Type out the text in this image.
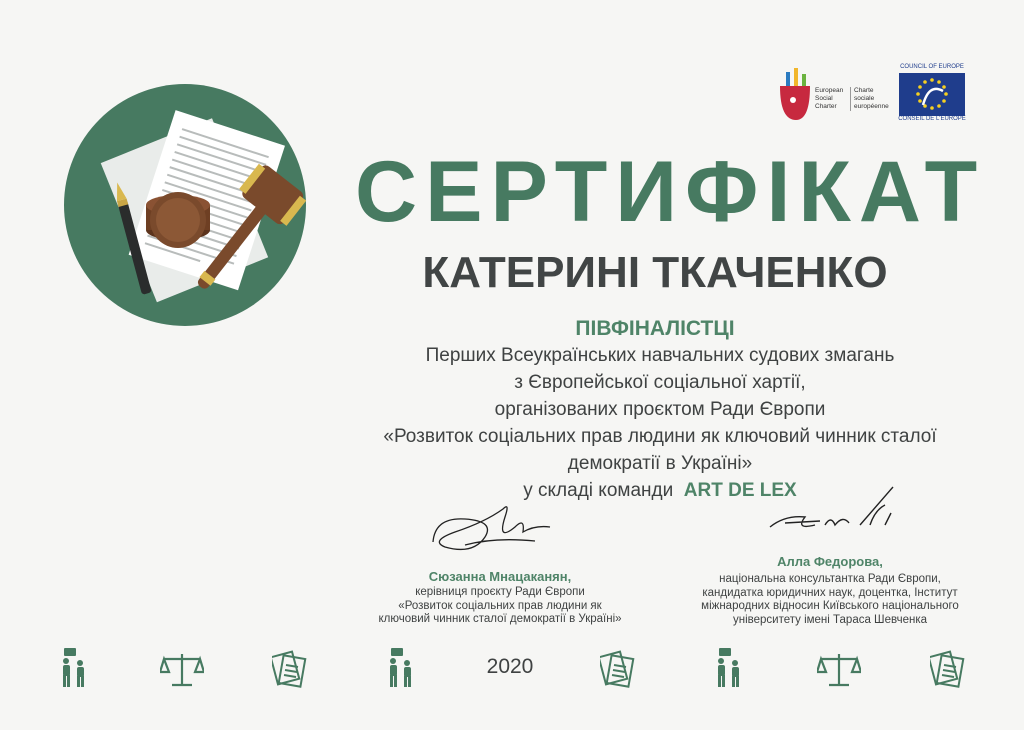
European
Social
Charter
Charte
sociale
européenne
COUNCIL OF EUROPE
CONSEIL DE L'EUROPE
СЕРТИФІКАТ
КАТЕРИНІ ТКАЧЕНКО
ПІВФІНАЛІСТЦІ
Перших Всеукраїнських навчальних судових змагань
з Європейської соціальної хартії,
організованих проєктом Ради Європи
«Розвиток соціальних прав людини як ключовий чинник сталої
демократії в Україні»
у складі команди ART DE LEX
Сюзанна Мнацаканян,
керівниця проєкту Ради Європи
«Розвиток соціальних прав людини як
ключовий чинник сталої демократії в Україні»
Алла Федорова,
національна консультантка Ради Європи,
кандидатка юридичних наук, доцентка, Інститут
міжнародних відносин Київського національного
університету імені Тараса Шевченка
2020
